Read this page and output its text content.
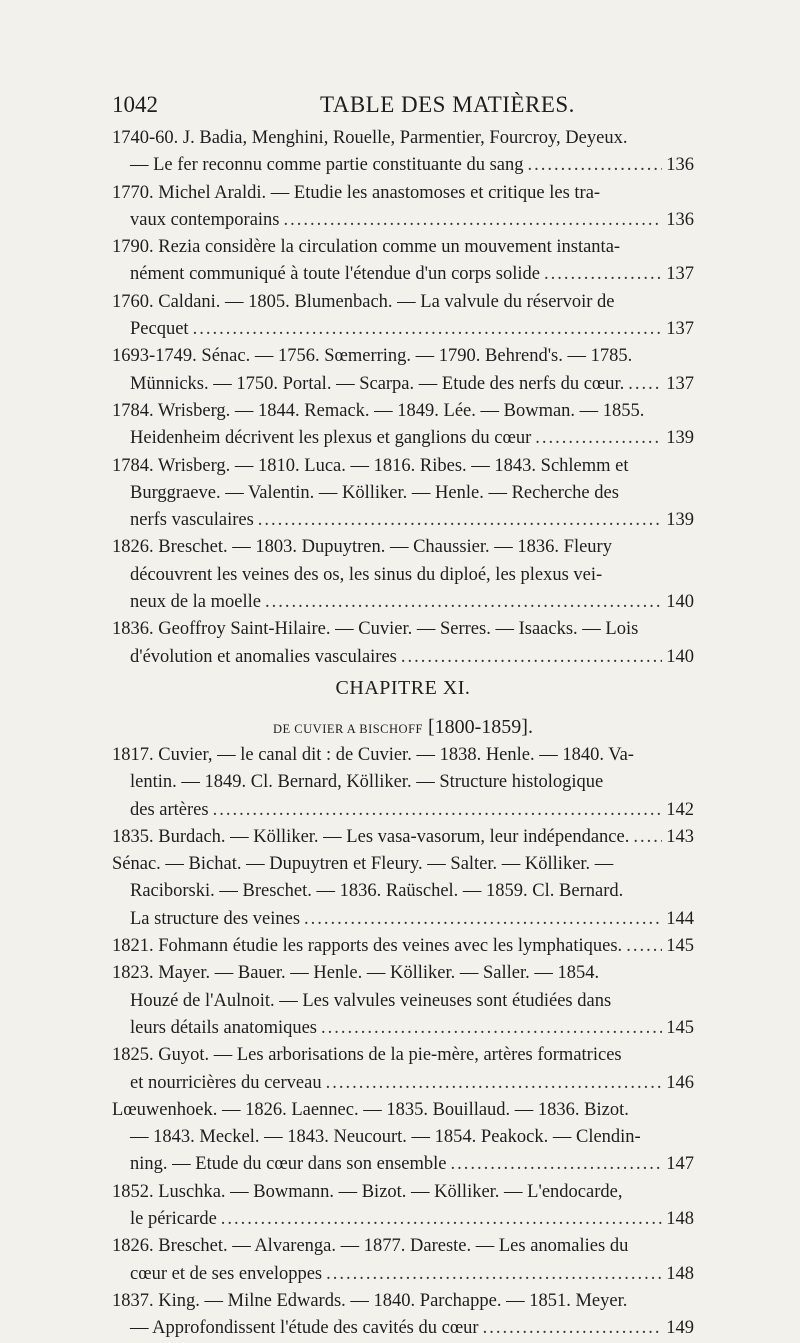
1042	TABLE DES MATIÈRES.
1740-60. J. Badia, Menghini, Rouelle, Parmentier, Fourcroy, Deyeux.
— Le fer reconnu comme partie constituante du sang .....	136
1770. Michel Araldi. — Etudie les anastomoses et critique les tra-
vaux contemporains .....	136
1790. Rezia considère la circulation comme un mouvement instanta-
nément communiqué à toute l'étendue d'un corps solide .....	137
1760. Caldani. — 1805. Blumenbach. — La valvule du réservoir de
Pecquet .....	137
1693-1749. Sénac. — 1756. Sœmerring. — 1790. Behrend's. — 1785.
Münnicks. — 1750. Portal. — Scarpa. — Etude des nerfs du cœur. ..... 137
1784. Wrisberg. — 1844. Remack. — 1849. Lée. — Bowman. — 1855.
Heidenheim décrivent les plexus et ganglions du cœur .....	139
1784. Wrisberg. — 1810. Luca. — 1816. Ribes. — 1843. Schlemm et
Burggraeve. — Valentin. — Kölliker. — Henle. — Recherche des
nerfs vasculaires .....	139
1826. Breschet. — 1803. Dupuytren. — Chaussier. — 1836. Fleury
découvrent les veines des os, les sinus du diploé, les plexus vei-
neux de la moelle .....	140
1836. Geoffroy Saint-Hilaire. — Cuvier. — Serres. — Isaacks. — Lois
d'évolution et anomalies vasculaires .....	140
CHAPITRE XI.
DE CUVIER A BISCHOFF [1800-1859].
1817. Cuvier, — le canal dit : de Cuvier. — 1838. Henle. — 1840. Va-
lentin. — 1849. Cl. Bernard, Kölliker. — Structure histologique
des artères .....	142
1835. Burdach. — Kölliker. — Les vasa-vasorum, leur indépendance. ..... 143
Sénac. — Bichat. — Dupuytren et Fleury. — Salter. — Kölliker. —
Raciborski. — Breschet. — 1836. Raüschel. — 1859. Cl. Bernard.
La structure des veines .....	144
1821. Fohmann étudie les rapports des veines avec les lymphatiques. ..... 145
1823. Mayer. — Bauer. — Henle. — Kölliker. — Saller. — 1854.
Houzé de l'Aulnoit. — Les valvules veineuses sont étudiées dans
leurs détails anatomiques .....	145
1825. Guyot. — Les arborisations de la pie-mère, artères formatrices
et nourricières du cerveau .....	146
Lœuwenhoek. — 1826. Laennec. — 1835. Bouillaud. — 1836. Bizot.
— 1843. Meckel. — 1843. Neucourt. — 1854. Peakock. — Clendin-
ning. — Etude du cœur dans son ensemble .....	147
1852. Luschka. — Bowmann. — Bizot. — Kölliker. — L'endocarde,
le péricarde .....	148
1826. Breschet. — Alvarenga. — 1877. Dareste. — Les anomalies du
cœur et de ses enveloppes .....	148
1837. King. — Milne Edwards. — 1840. Parchappe. — 1851. Meyer.
— Approfondissent l'étude des cavités du cœur .....	149
